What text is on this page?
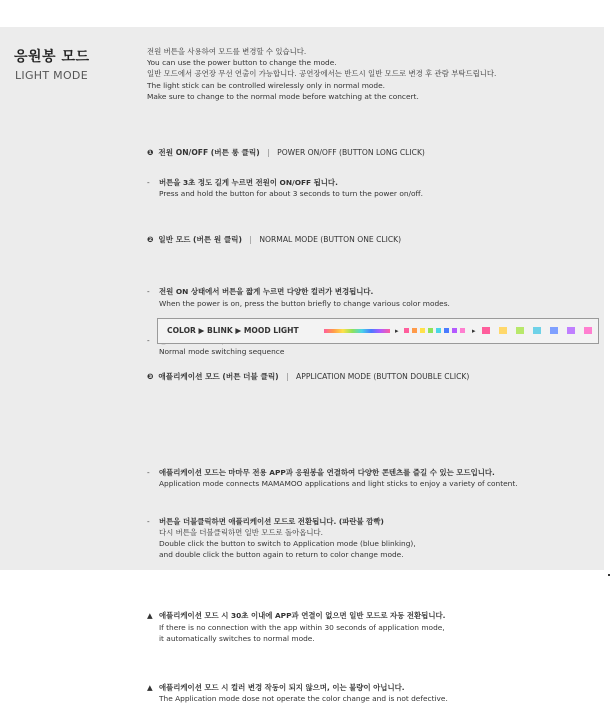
응원봉 모드
LIGHT MODE
전원 버튼을 사용하여 모드를 변경할 수 있습니다.
You can use the power button to change the mode.
일반 모드에서 공연장 무선 연출이 가능합니다. 공연장에서는 반드시 일반 모드로 변경 후 관람 부탁드립니다.
The light stick can be controlled wirelessly only in normal mode.
Make sure to change to the normal mode before watching at the concert.
❶ 전원 ON/OFF (버튼 롱 클릭) | POWER ON/OFF (BUTTON LONG CLICK)
- 버튼을 3초 정도 길게 누르면 전원이 ON/OFF 됩니다.
Press and hold the button for about 3 seconds to turn the power on/off.
❷ 일반 모드 (버튼 원 클릭) | NORMAL MODE (BUTTON ONE CLICK)
- 전원 ON 상태에서 버튼을 짧게 누르면 다양한 컬러가 변경됩니다.
When the power is on, press the button briefly to change various color modes.
-
Normal mode switching sequence
COLOR ▶ BLINK ▶ MOOD LIGHT	▸	▸
❸ 애플리케이션 모드 (버튼 더블 클릭) | APPLICATION MODE (BUTTON DOUBLE CLICK)
- 애플리케이션 모드는 마마무 전용 APP과 응원봉을 연결하여 다양한 콘텐츠를 즐길 수 있는 모드입니다.
Application mode connects MAMAMOO applications and light sticks to enjoy a variety of content.
- 버튼을 더블클릭하면 애플리케이션 모드로 전환됩니다. (파란불 깜빡)
다시 버튼을 더블클릭하면 일반 모드로 돌아옵니다.
Double click the button to switch to Application mode (blue blinking),
and double click the button again to return to color change mode.
▲ 애플리케이션 모드 시 30초 이내에 APP과 연결이 없으면 일반 모드로 자동 전환됩니다.
If there is no connection with the app within 30 seconds of application mode,
it automatically switches to normal mode.
▲ 애플리케이션 모드 시 컬러 변경 작동이 되지 않으며, 이는 불량이 아닙니다.
The Application mode dose not operate the color change and is not defective.
